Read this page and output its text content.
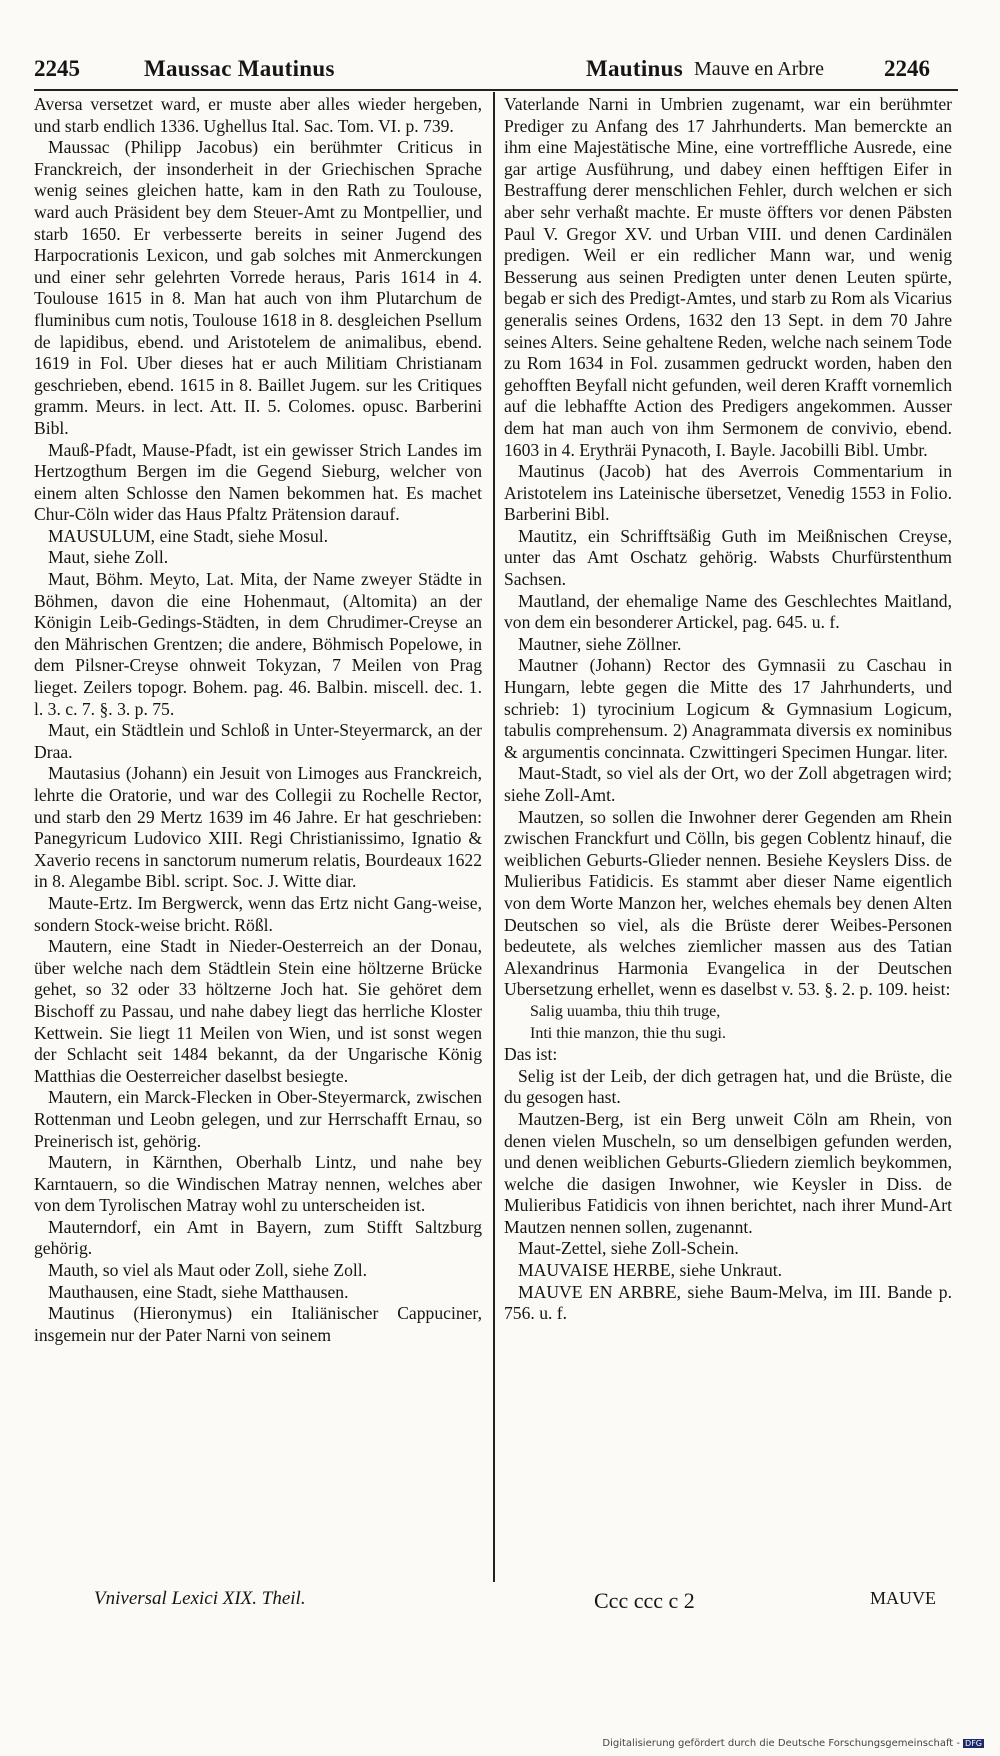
2245	Maussac Mautinus	Mautinus Mauve en Arbre	2246

Aversa versetzet ward, er muste aber alles wieder hergeben, und starb endlich 1336. Ughellus Ital. Sac. Tom. VI. p. 739.

Maussac (Philipp Jacobus) ein berühmter Criticus in Franckreich, der insonderheit in der Griechischen Sprache wenig seines gleichen hatte, kam in den Rath zu Toulouse, ward auch Präsident bey dem Steuer-Amt zu Montpellier, und starb 1650. Er verbesserte bereits in seiner Jugend des Harpocrationis Lexicon, und gab solches mit Anmerckungen und einer sehr gelehrten Vorrede heraus, Paris 1614 in 4. Toulouse 1615 in 8. Man hat auch von ihm Plutarchum de fluminibus cum notis, Toulouse 1618 in 8. desgleichen Psellum de lapidibus, ebend. und Aristotelem de animalibus, ebend. 1619 in Fol. Uber dieses hat er auch Militiam Christianam geschrieben, ebend. 1615 in 8. Baillet Jugem. sur les Critiques gramm. Meurs. in lect. Att. II. 5. Colomes. opusc. Barberini Bibl.

Mauß-Pfadt, Mause-Pfadt, ist ein gewisser Strich Landes im Hertzogthum Bergen im die Gegend Sieburg, welcher von einem alten Schlosse den Namen bekommen hat. Es machet Chur-Cöln wider das Haus Pfaltz Prätension darauf.

MAUSULUM, eine Stadt, siehe Mosul.

Maut, siehe Zoll.

Maut, Böhm. Meyto, Lat. Mita, der Name zweyer Städte in Böhmen, davon die eine Hohenmaut, (Altomita) an der Königin Leib-Gedings-Städten, in dem Chrudimer-Creyse an den Mährischen Grentzen; die andere, Böhmisch Popelowe, in dem Pilsner-Creyse ohnweit Tokyzan, 7 Meilen von Prag lieget. Zeilers topogr. Bohem. pag. 46. Balbin. miscell. dec. 1. l. 3. c. 7. §. 3. p. 75.

Maut, ein Städtlein und Schloß in Unter-Steyermarck, an der Draa.

Mautasius (Johann) ein Jesuit von Limoges aus Franckreich, lehrte die Oratorie, und war des Collegii zu Rochelle Rector, und starb den 29 Mertz 1639 im 46 Jahre. Er hat geschrieben: Panegyricum Ludovico XIII. Regi Christianissimo, Ignatio & Xaverio recens in sanctorum numerum relatis, Bourdeaux 1622 in 8. Alegambe Bibl. script. Soc. J. Witte diar.

Maute-Ertz. Im Bergwerck, wenn das Ertz nicht Gang-weise, sondern Stock-weise bricht. Rößl.

Mautern, eine Stadt in Nieder-Oesterreich an der Donau, über welche nach dem Städtlein Stein eine höltzerne Brücke gehet, so 32 oder 33 höltzerne Joch hat. Sie gehöret dem Bischoff zu Passau, und nahe dabey liegt das herrliche Kloster Kettwein. Sie liegt 11 Meilen von Wien, und ist sonst wegen der Schlacht seit 1484 bekannt, da der Ungarische König Matthias die Oesterreicher daselbst besiegte.

Mautern, ein Marck-Flecken in Ober-Steyermarck, zwischen Rottenman und Leobn gelegen, und zur Herrschafft Ernau, so Preinerisch ist, gehörig.

Mautern, in Kärnthen, Oberhalb Lintz, und nahe bey Karntauern, so die Windischen Matray nennen, welches aber von dem Tyrolischen Matray wohl zu unterscheiden ist.

Mauterndorf, ein Amt in Bayern, zum Stifft Saltzburg gehörig.

Mauth, so viel als Maut oder Zoll, siehe Zoll.

Mauthausen, eine Stadt, siehe Matthausen.

Mautinus (Hieronymus) ein Italiänischer Cappuciner, insgemein nur der Pater Narni von seinem

Vaterlande Narni in Umbrien zugenamt, war ein berühmter Prediger zu Anfang des 17 Jahrhunderts. Man bemerckte an ihm eine Majestätische Mine, eine vortreffliche Ausrede, eine gar artige Ausführung, und dabey einen hefftigen Eifer in Bestraffung derer menschlichen Fehler, durch welchen er sich aber sehr verhaßt machte. Er muste öffters vor denen Päbsten Paul V. Gregor XV. und Urban VIII. und denen Cardinälen predigen. Weil er ein redlicher Mann war, und wenig Besserung aus seinen Predigten unter denen Leuten spürte, begab er sich des Predigt-Amtes, und starb zu Rom als Vicarius generalis seines Ordens, 1632 den 13 Sept. in dem 70 Jahre seines Alters. Seine gehaltene Reden, welche nach seinem Tode zu Rom 1634 in Fol. zusammen gedruckt worden, haben den gehofften Beyfall nicht gefunden, weil deren Krafft vornemlich auf die lebhaffte Action des Predigers angekommen. Ausser dem hat man auch von ihm Sermonem de convivio, ebend. 1603 in 4. Erythräi Pynacoth, I. Bayle. Jacobilli Bibl. Umbr.

Mautinus (Jacob) hat des Averrois Commentarium in Aristotelem ins Lateinische übersetzet, Venedig 1553 in Folio. Barberini Bibl.

Mautitz, ein Schrifftsäßig Guth im Meißnischen Creyse, unter das Amt Oschatz gehörig. Wabsts Churfürstenthum Sachsen.

Mautland, der ehemalige Name des Geschlechtes Maitland, von dem ein besonderer Artickel, pag. 645. u. f.

Mautner, siehe Zöllner.

Mautner (Johann) Rector des Gymnasii zu Caschau in Hungarn, lebte gegen die Mitte des 17 Jahrhunderts, und schrieb: 1) tyrocinium Logicum & Gymnasium Logicum, tabulis comprehensum. 2) Anagrammata diversis ex nominibus & argumentis concinnata. Czwittingeri Specimen Hungar. liter.

Maut-Stadt, so viel als der Ort, wo der Zoll abgetragen wird; siehe Zoll-Amt.

Mautzen, so sollen die Inwohner derer Gegenden am Rhein zwischen Franckfurt und Cölln, bis gegen Coblentz hinauf, die weiblichen Geburts-Glieder nennen. Besiehe Keyslers Diss. de Mulieribus Fatidicis. Es stammt aber dieser Name eigentlich von dem Worte Manzon her, welches ehemals bey denen Alten Deutschen so viel, als die Brüste derer Weibes-Personen bedeutete, als welches ziemlicher massen aus des Tatian Alexandrinus Harmonia Evangelica in der Deutschen Ubersetzung erhellet, wenn es daselbst v. 53. §. 2. p. 109. heist:

Salig uuamba, thiu thih truge,

Inti thie manzon, thie thu sugi.

Das ist:

Selig ist der Leib, der dich getragen hat, und die Brüste, die du gesogen hast.

Mautzen-Berg, ist ein Berg unweit Cöln am Rhein, von denen vielen Muscheln, so um denselbigen gefunden werden, und denen weiblichen Geburts-Gliedern ziemlich beykommen, welche die dasigen Inwohner, wie Keysler in Diss. de Mulieribus Fatidicis von ihnen berichtet, nach ihrer Mund-Art Mautzen nennen sollen, zugenannt.

Maut-Zettel, siehe Zoll-Schein.

MAUVAISE HERBE, siehe Unkraut.

MAUVE EN ARBRE, siehe Baum-Melva, im III. Bande p. 756. u. f.

Vniversal Lexici XIX. Theil.	Ccc ccc c 2	MAUVE
Digitalisierung gefördert durch die Deutsche Forschungsgemeinschaft - DFG
